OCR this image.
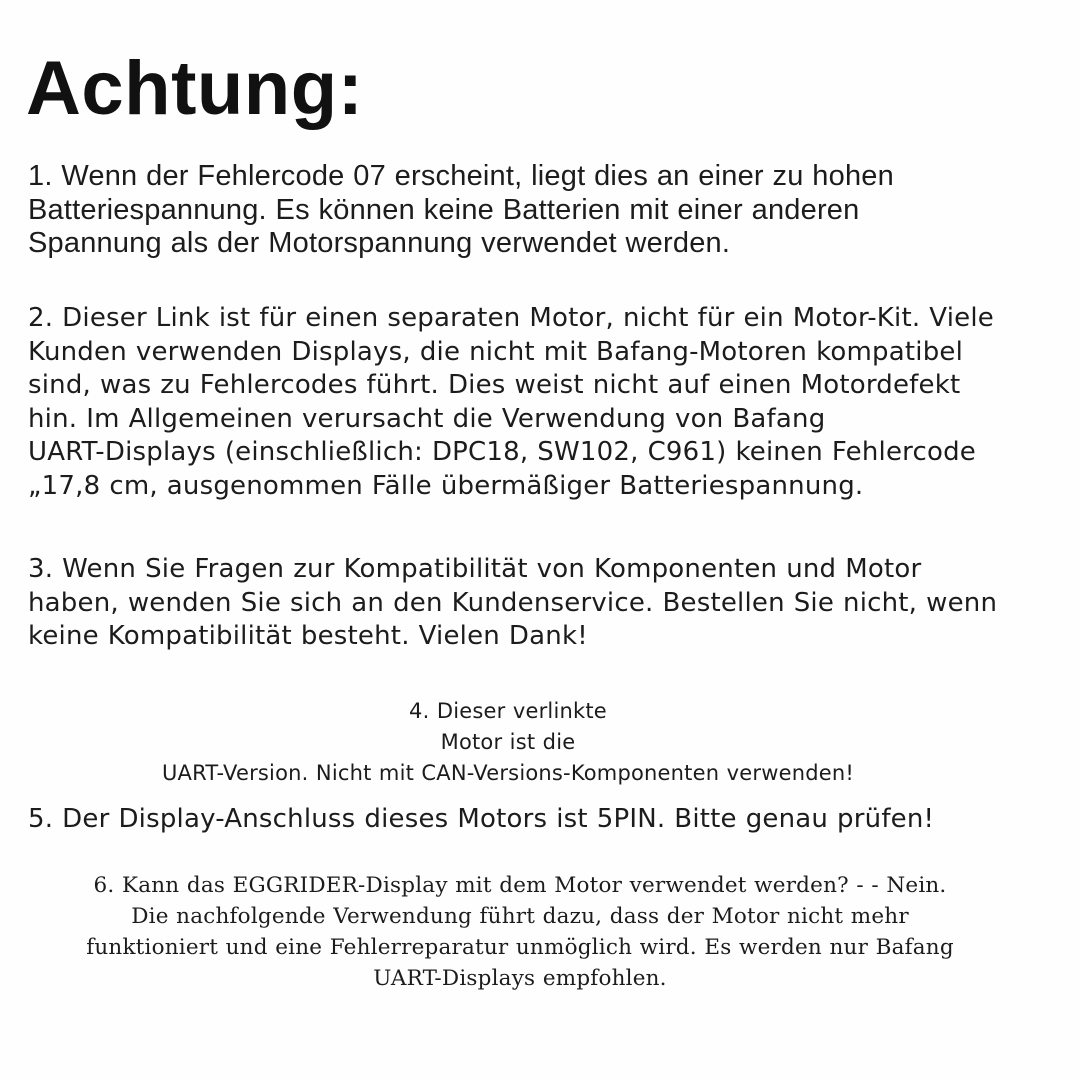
Achtung:
1. Wenn der Fehlercode 07 erscheint, liegt dies an einer zu hohen
Batteriespannung. Es können keine Batterien mit einer anderen
Spannung als der Motorspannung verwendet werden.
2. Dieser Link ist für einen separaten Motor, nicht für ein Motor-Kit. Viele
Kunden verwenden Displays, die nicht mit Bafang-Motoren kompatibel
sind, was zu Fehlercodes führt. Dies weist nicht auf einen Motordefekt
hin. Im Allgemeinen verursacht die Verwendung von Bafang
UART-Displays (einschließlich: DPC18, SW102, C961) keinen Fehlercode
„17,8 cm, ausgenommen Fälle übermäßiger Batteriespannung.
3. Wenn Sie Fragen zur Kompatibilität von Komponenten und Motor
haben, wenden Sie sich an den Kundenservice. Bestellen Sie nicht, wenn
keine Kompatibilität besteht. Vielen Dank!
4. Dieser verlinkte
Motor ist die
UART-Version. Nicht mit CAN-Versions-Komponenten verwenden!
5. Der Display-Anschluss dieses Motors ist 5PIN. Bitte genau prüfen!
6. Kann das EGGRIDER-Display mit dem Motor verwendet werden? - - Nein.
Die nachfolgende Verwendung führt dazu, dass der Motor nicht mehr
funktioniert und eine Fehlerreparatur unmöglich wird. Es werden nur Bafang
UART-Displays empfohlen.
